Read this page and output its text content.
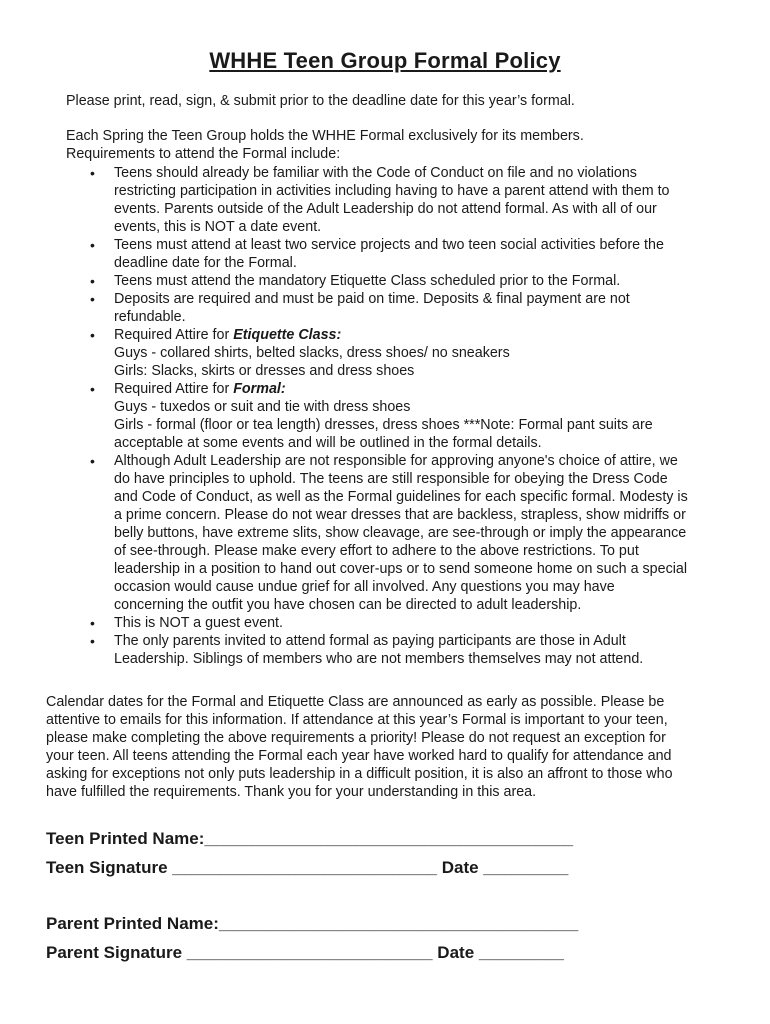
WHHE Teen Group Formal Policy
Please print, read, sign, & submit prior to the deadline date for this year’s formal.
Each Spring the Teen Group holds the WHHE Formal exclusively for its members.
Requirements to attend the Formal include:
• Teens should already be familiar with the Code of Conduct on file and no violations
restricting participation in activities including having to have a parent attend with them to
events. Parents outside of the Adult Leadership do not attend formal. As with all of our
events, this is NOT a date event.
• Teens must attend at least two service projects and two teen social activities before the
deadline date for the Formal.
• Teens must attend the mandatory Etiquette Class scheduled prior to the Formal.
• Deposits are required and must be paid on time. Deposits & final payment are not
refundable.
• Required Attire for Etiquette Class:
Guys - collared shirts, belted slacks, dress shoes/ no sneakers
Girls: Slacks, skirts or dresses and dress shoes
• Required Attire for Formal:
Guys - tuxedos or suit and tie with dress shoes
Girls - formal (floor or tea length) dresses, dress shoes ***Note: Formal pant suits are
acceptable at some events and will be outlined in the formal details.
• Although Adult Leadership are not responsible for approving anyone's choice of attire, we
do have principles to uphold. The teens are still responsible for obeying the Dress Code
and Code of Conduct, as well as the Formal guidelines for each specific formal. Modesty is
a prime concern. Please do not wear dresses that are backless, strapless, show midriffs or
belly buttons, have extreme slits, show cleavage, are see-through or imply the appearance
of see-through. Please make every effort to adhere to the above restrictions. To put
leadership in a position to hand out cover-ups or to send someone home on such a special
occasion would cause undue grief for all involved. Any questions you may have
concerning the outfit you have chosen can be directed to adult leadership.
• This is NOT a guest event.
• The only parents invited to attend formal as paying participants are those in Adult
Leadership. Siblings of members who are not members themselves may not attend.
Calendar dates for the Formal and Etiquette Class are announced as early as possible. Please be
attentive to emails for this information. If attendance at this year’s Formal is important to your teen,
please make completing the above requirements a priority! Please do not request an exception for
your teen. All teens attending the Formal each year have worked hard to qualify for attendance and
asking for exceptions not only puts leadership in a difficult position, it is also an affront to those who
have fulfilled the requirements. Thank you for your understanding in this area.
Teen Printed Name:_______________________________________
Teen Signature ____________________________ Date _________
Parent Printed Name:______________________________________
Parent Signature __________________________ Date _________
